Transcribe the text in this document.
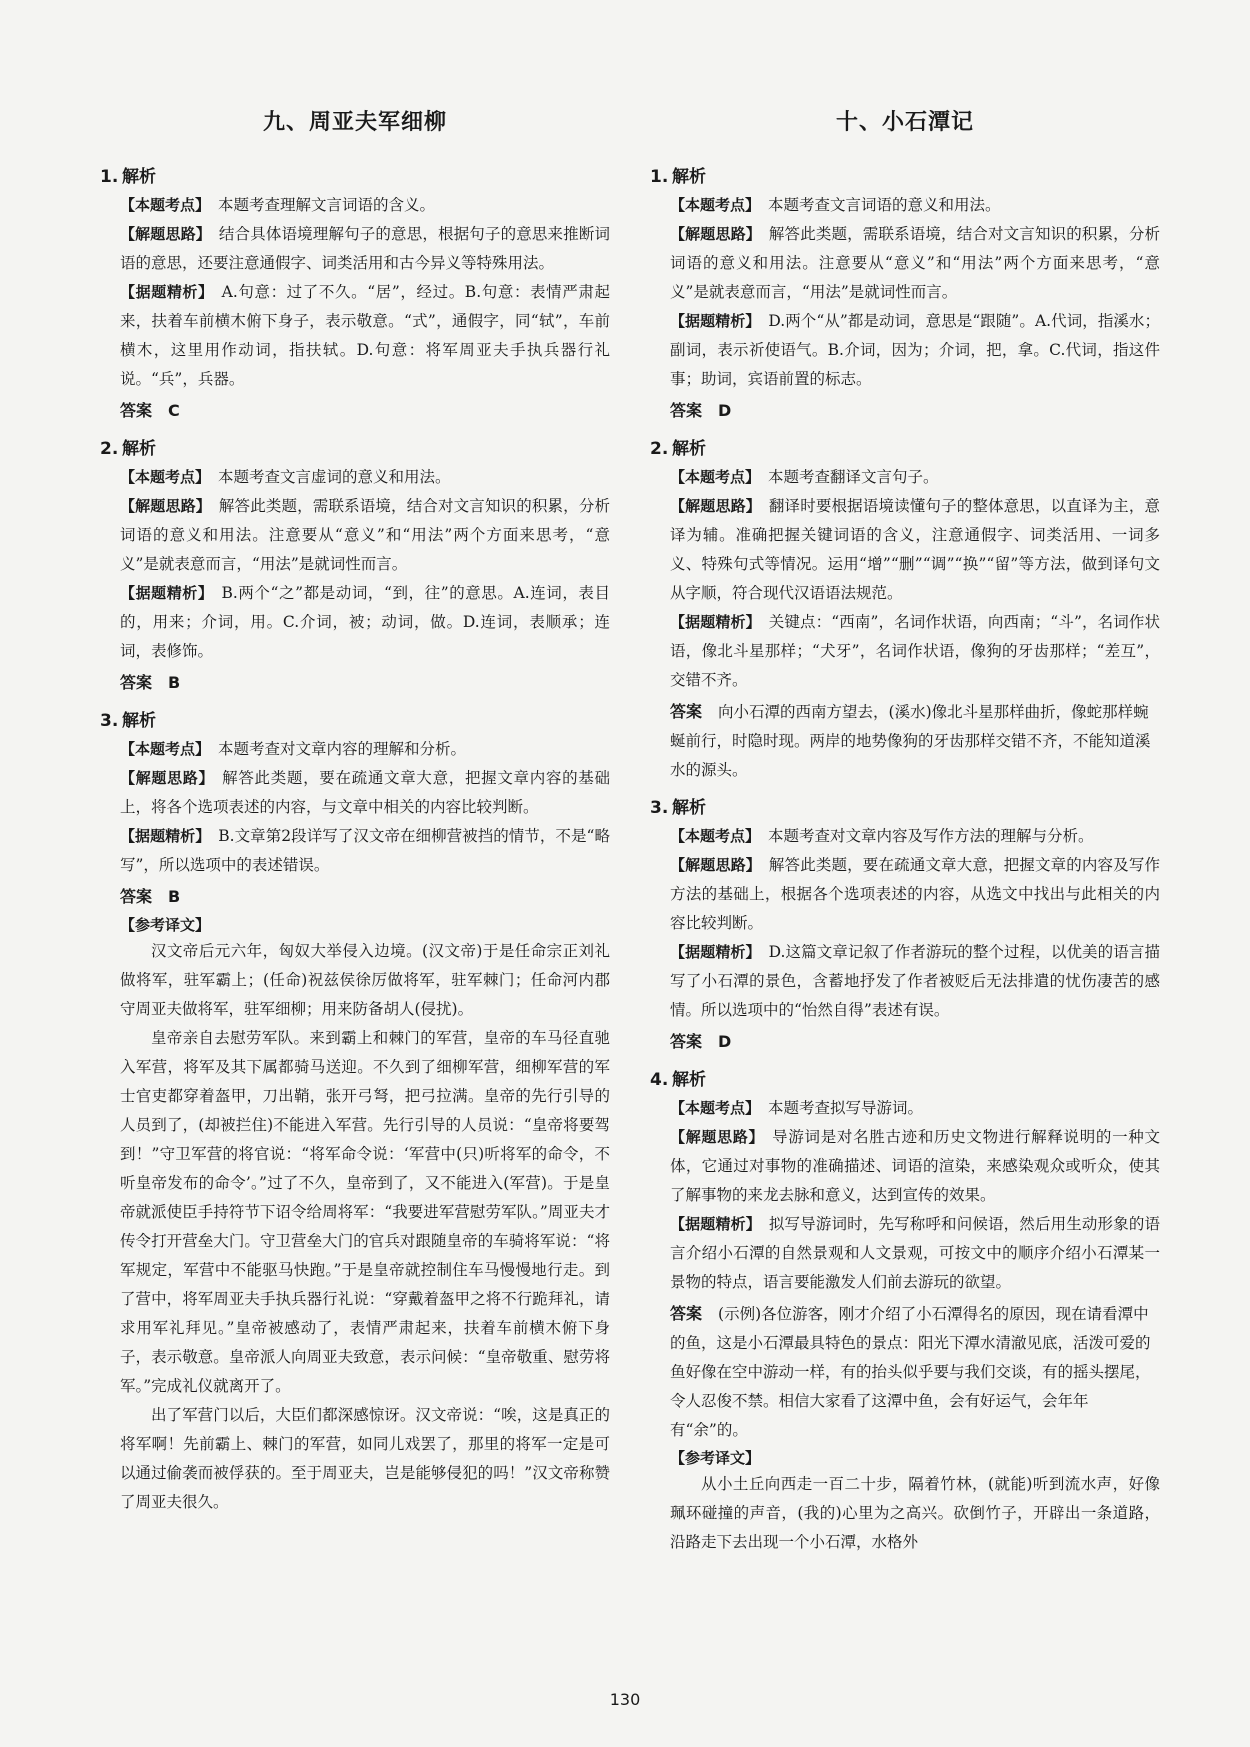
九、周亚夫军细柳
1. 解析

【本题考点】 本题考查理解文言词语的含义。

【解题思路】 结合具体语境理解句子的意思，根据句子的意思来推断词语的意思，还要注意通假字、词类活用和古今异义等特殊用法。

【据题精析】 A.句意：过了不久。“居”，经过。B.句意：表情严肃起来，扶着车前横木俯下身子，表示敬意。“式”，通假字，同“轼”，车前横木，这里用作动词，指扶轼。D.句意：将军周亚夫手执兵器行礼说。“兵”，兵器。

答案 C

2. 解析

【本题考点】 本题考查文言虚词的意义和用法。

【解题思路】 解答此类题，需联系语境，结合对文言知识的积累，分析词语的意义和用法。注意要从“意义”和“用法”两个方面来思考，“意义”是就表意而言，“用法”是就词性而言。

【据题精析】 B.两个“之”都是动词，“到，往”的意思。A.连词，表目的，用来；介词，用。C.介词，被；动词，做。D.连词，表顺承；连词，表修饰。

答案 B

3. 解析

【本题考点】 本题考查对文章内容的理解和分析。

【解题思路】 解答此类题，要在疏通文章大意，把握文章内容的基础上，将各个选项表述的内容，与文章中相关的内容比较判断。

【据题精析】 B.文章第2段详写了汉文帝在细柳营被挡的情节，不是“略写”，所以选项中的表述错误。

答案 B

【参考译文】

汉文帝后元六年，匈奴大举侵入边境。(汉文帝)于是任命宗正刘礼做将军，驻军霸上；(任命)祝兹侯徐厉做将军，驻军棘门；任命河内郡守周亚夫做将军，驻军细柳；用来防备胡人(侵扰)。

皇帝亲自去慰劳军队。来到霸上和棘门的军营，皇帝的车马径直驰入军营，将军及其下属都骑马送迎。不久到了细柳军营，细柳军营的军士官吏都穿着盔甲，刀出鞘，张开弓弩，把弓拉满。皇帝的先行引导的人员到了，(却被拦住)不能进入军营。先行引导的人员说：“皇帝将要驾到！”守卫军营的将官说：“将军命令说：‘军营中(只)听将军的命令，不听皇帝发布的命令’。”过了不久，皇帝到了，又不能进入(军营)。于是皇帝就派使臣手持符节下诏令给周将军：“我要进军营慰劳军队。”周亚夫才传令打开营垒大门。守卫营垒大门的官兵对跟随皇帝的车骑将军说：“将军规定，军营中不能驱马快跑。”于是皇帝就控制住车马慢慢地行走。到了营中，将军周亚夫手执兵器行礼说：“穿戴着盔甲之将不行跪拜礼，请求用军礼拜见。”皇帝被感动了，表情严肃起来，扶着车前横木俯下身子，表示敬意。皇帝派人向周亚夫致意，表示问候：“皇帝敬重、慰劳将军。”完成礼仪就离开了。

出了军营门以后，大臣们都深感惊讶。汉文帝说：“唉，这是真正的将军啊！先前霸上、棘门的军营，如同儿戏罢了，那里的将军一定是可以通过偷袭而被俘获的。至于周亚夫，岂是能够侵犯的吗！”汉文帝称赞了周亚夫很久。

十、小石潭记
1. 解析

【本题考点】 本题考查文言词语的意义和用法。

【解题思路】 解答此类题，需联系语境，结合对文言知识的积累，分析词语的意义和用法。注意要从“意义”和“用法”两个方面来思考，“意义”是就表意而言，“用法”是就词性而言。

【据题精析】 D.两个“从”都是动词，意思是“跟随”。A.代词，指溪水；副词，表示祈使语气。B.介词，因为；介词，把，拿。C.代词，指这件事；助词，宾语前置的标志。

答案 D

2. 解析

【本题考点】 本题考查翻译文言句子。

【解题思路】 翻译时要根据语境读懂句子的整体意思，以直译为主，意译为辅。准确把握关键词语的含义，注意通假字、词类活用、一词多义、特殊句式等情况。运用“增”“删”“调”“换”“留”等方法，做到译句文从字顺，符合现代汉语语法规范。

【据题精析】 关键点：“西南”，名词作状语，向西南；“斗”，名词作状语，像北斗星那样；“犬牙”，名词作状语，像狗的牙齿那样；“差互”，交错不齐。

答案 向小石潭的西南方望去，(溪水)像北斗星那样曲折，像蛇那样蜿蜒前行，时隐时现。两岸的地势像狗的牙齿那样交错不齐，不能知道溪水的源头。

3. 解析

【本题考点】 本题考查对文章内容及写作方法的理解与分析。

【解题思路】 解答此类题，要在疏通文章大意，把握文章的内容及写作方法的基础上，根据各个选项表述的内容，从选文中找出与此相关的内容比较判断。

【据题精析】 D.这篇文章记叙了作者游玩的整个过程，以优美的语言描写了小石潭的景色，含蓄地抒发了作者被贬后无法排遣的忧伤凄苦的感情。所以选项中的“怡然自得”表述有误。

答案 D

4. 解析

【本题考点】 本题考查拟写导游词。

【解题思路】 导游词是对名胜古迹和历史文物进行解释说明的一种文体，它通过对事物的准确描述、词语的渲染，来感染观众或听众，使其了解事物的来龙去脉和意义，达到宣传的效果。

【据题精析】 拟写导游词时，先写称呼和问候语，然后用生动形象的语言介绍小石潭的自然景观和人文景观，可按文中的顺序介绍小石潭某一景物的特点，语言要能激发人们前去游玩的欲望。

答案 (示例)各位游客，刚才介绍了小石潭得名的原因，现在请看潭中的鱼，这是小石潭最具特色的景点：阳光下潭水清澈见底，活泼可爱的鱼好像在空中游动一样，有的抬头似乎要与我们交谈，有的摇头摆尾，令人忍俊不禁。相信大家看了这潭中鱼，会有好运气，会年年有“余”的。

【参考译文】

从小土丘向西走一百二十步，隔着竹林，(就能)听到流水声，好像珮环碰撞的声音，(我的)心里为之高兴。砍倒竹子，开辟出一条道路，沿路走下去出现一个小石潭，水格外

130
